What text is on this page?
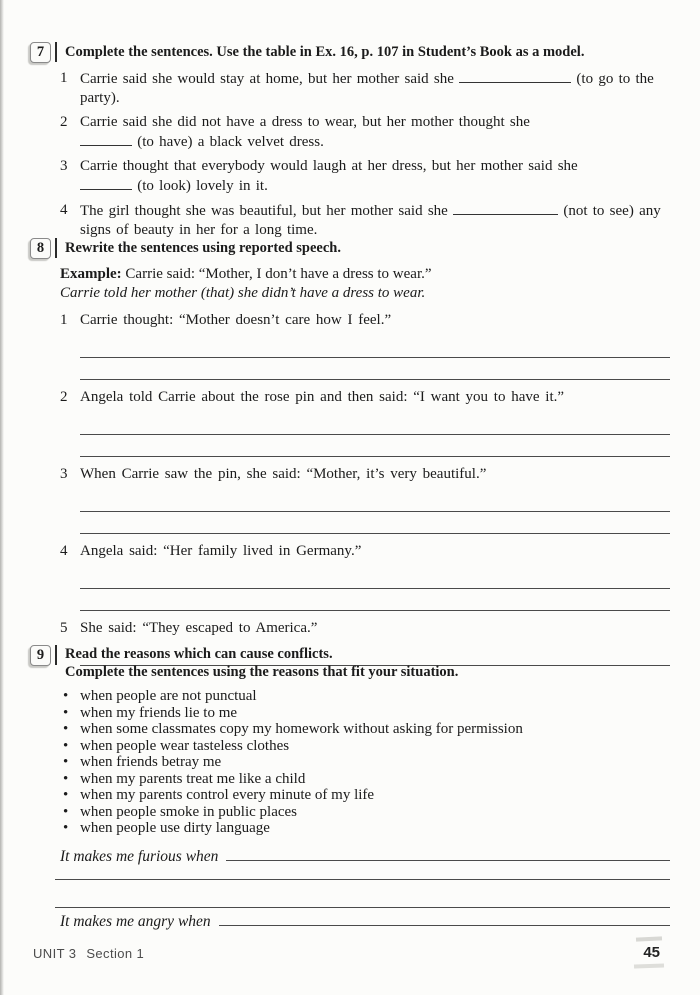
7	Complete the sentences. Use the table in Ex. 16, p. 107 in Student’s Book as a model.
1 Carrie said she would stay at home, but her mother said she	(to go to the
party).

2 Carrie said she did not have a dress to wear, but her mother thought she
(to have) a black velvet dress.

3 Carrie thought that everybody would laugh at her dress, but her mother said she
(to look) lovely in it.

4 The girl thought she was beautiful, but her mother said she	(not to see) any
signs of beauty in her for a long time.

8	Rewrite the sentences using reported speech.

Example: Carrie said: “Mother, I don’t have a dress to wear.”

Carrie told her mother (that) she didn’t have a dress to wear.

1 Carrie thought: “Mother doesn’t care how I feel.”

2 Angela told Carrie about the rose pin and then said: “I want you to have it.”

3 When Carrie saw the pin, she said: “Mother, it’s very beautiful.”

4 Angela said: “Her family lived in Germany.”

5 She said: “They escaped to America.”

9	Read the reasons which can cause conflicts.
Complete the sentences using the reasons that fit your situation.
• when people are not punctual
• when my friends lie to me
• when some classmates copy my homework without asking for permission
• when people wear tasteless clothes
• when friends betray me
• when my parents treat me like a child
• when my parents control every minute of my life
• when people smoke in public places
• when people use dirty language
It makes me furious when
It makes me angry when
UNIT 3 Section 1	45
